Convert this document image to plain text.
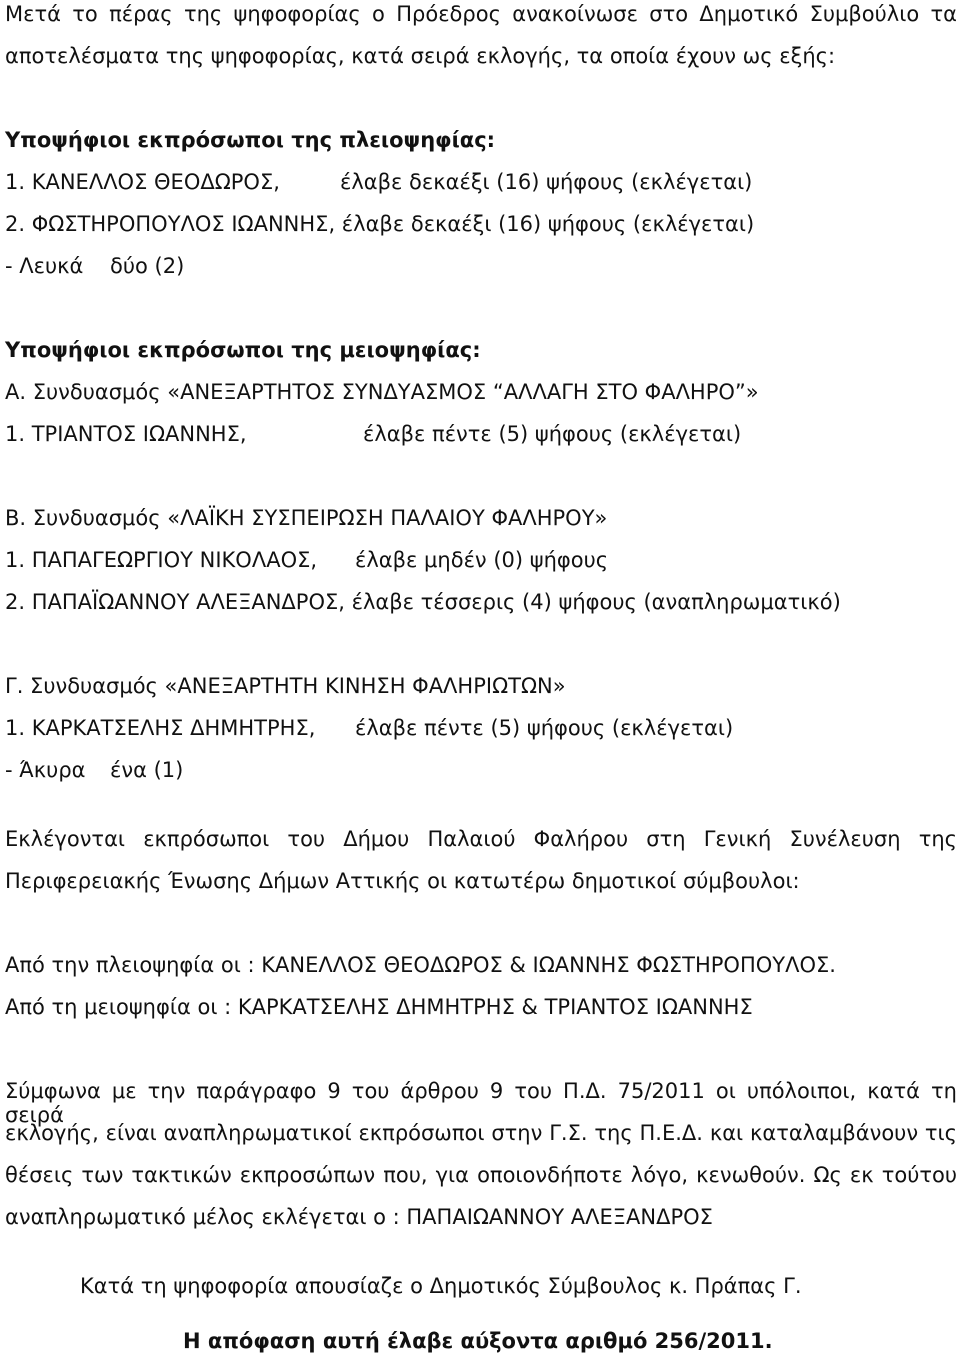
Μετά το πέρας της ψηφοφορίας ο Πρόεδρος ανακοίνωσε στο Δημοτικό Συμβούλιο τα

αποτελέσματα της ψηφοφορίας, κατά σειρά εκλογής, τα οποία έχουν ως εξής:

Υποψήφιοι εκπρόσωποι της πλειοψηφίας:

1. ΚΑΝΕΛΛΟΣ ΘΕΟΔΩΡΟΣ,	έλαβε δεκαέξι (16) ψήφους (εκλέγεται)

2. ΦΩΣΤΗΡΟΠΟΥΛΟΣ ΙΩΑΝΝΗΣ, έλαβε δεκαέξι (16) ψήφους (εκλέγεται)

- Λευκά δύο (2)

Υποψήφιοι εκπρόσωποι της μειοψηφίας:

Α. Συνδυασμός «ΑΝΕΞΑΡΤΗΤΟΣ ΣΥΝΔΥΑΣΜΟΣ “ΑΛΛΑΓΗ ΣΤΟ ΦΑΛΗΡΟ”»

1. ΤΡΙΑΝΤΟΣ ΙΩΑΝΝΗΣ,	έλαβε πέντε (5) ψήφους (εκλέγεται)

Β. Συνδυασμός «ΛΑΪΚΗ ΣΥΣΠΕΙΡΩΣΗ ΠΑΛΑΙΟΥ ΦΑΛΗΡΟΥ»

1. ΠΑΠΑΓΕΩΡΓΙΟΥ ΝΙΚΟΛΑΟΣ, έλαβε μηδέν (0) ψήφους

2. ΠΑΠΑΪΩΑΝΝΟΥ ΑΛΕΞΑΝΔΡΟΣ, έλαβε τέσσερις (4) ψήφους (αναπληρωματικό)

Γ. Συνδυασμός «ΑΝΕΞΑΡΤΗΤΗ ΚΙΝΗΣΗ ΦΑΛΗΡΙΩΤΩΝ»

1. ΚΑΡΚΑΤΣΕΛΗΣ ΔΗΜΗΤΡΗΣ, έλαβε πέντε (5) ψήφους (εκλέγεται)

- Άκυρα ένα (1)

Εκλέγονται εκπρόσωποι του Δήμου Παλαιού Φαλήρου στη Γενική Συνέλευση της

Περιφερειακής Ένωσης Δήμων Αττικής οι κατωτέρω δημοτικοί σύμβουλοι:

Από την πλειοψηφία οι : ΚΑΝΕΛΛΟΣ ΘΕΟΔΩΡΟΣ & ΙΩΑΝΝΗΣ ΦΩΣΤΗΡΟΠΟΥΛΟΣ.

Από τη μειοψηφία οι : ΚΑΡΚΑΤΣΕΛΗΣ ΔΗΜΗΤΡΗΣ & ΤΡΙΑΝΤΟΣ ΙΩΑΝΝΗΣ

Σύμφωνα με την παράγραφο 9 του άρθρου 9 του Π.Δ. 75/2011 οι υπόλοιποι, κατά τη σειρά

εκλογής, είναι αναπληρωματικοί εκπρόσωποι στην Γ.Σ. της Π.Ε.Δ. και καταλαμβάνουν τις

θέσεις των τακτικών εκπροσώπων που, για οποιονδήποτε λόγο, κενωθούν. Ως εκ τούτου

αναπληρωματικό μέλος εκλέγεται ο : ΠΑΠΑΙΩΑΝΝΟΥ ΑΛΕΞΑΝΔΡΟΣ

Κατά τη ψηφοφορία απουσίαζε ο Δημοτικός Σύμβουλος κ. Πράπας Γ.

Η απόφαση αυτή έλαβε αύξοντα αριθμό 256/2011.
